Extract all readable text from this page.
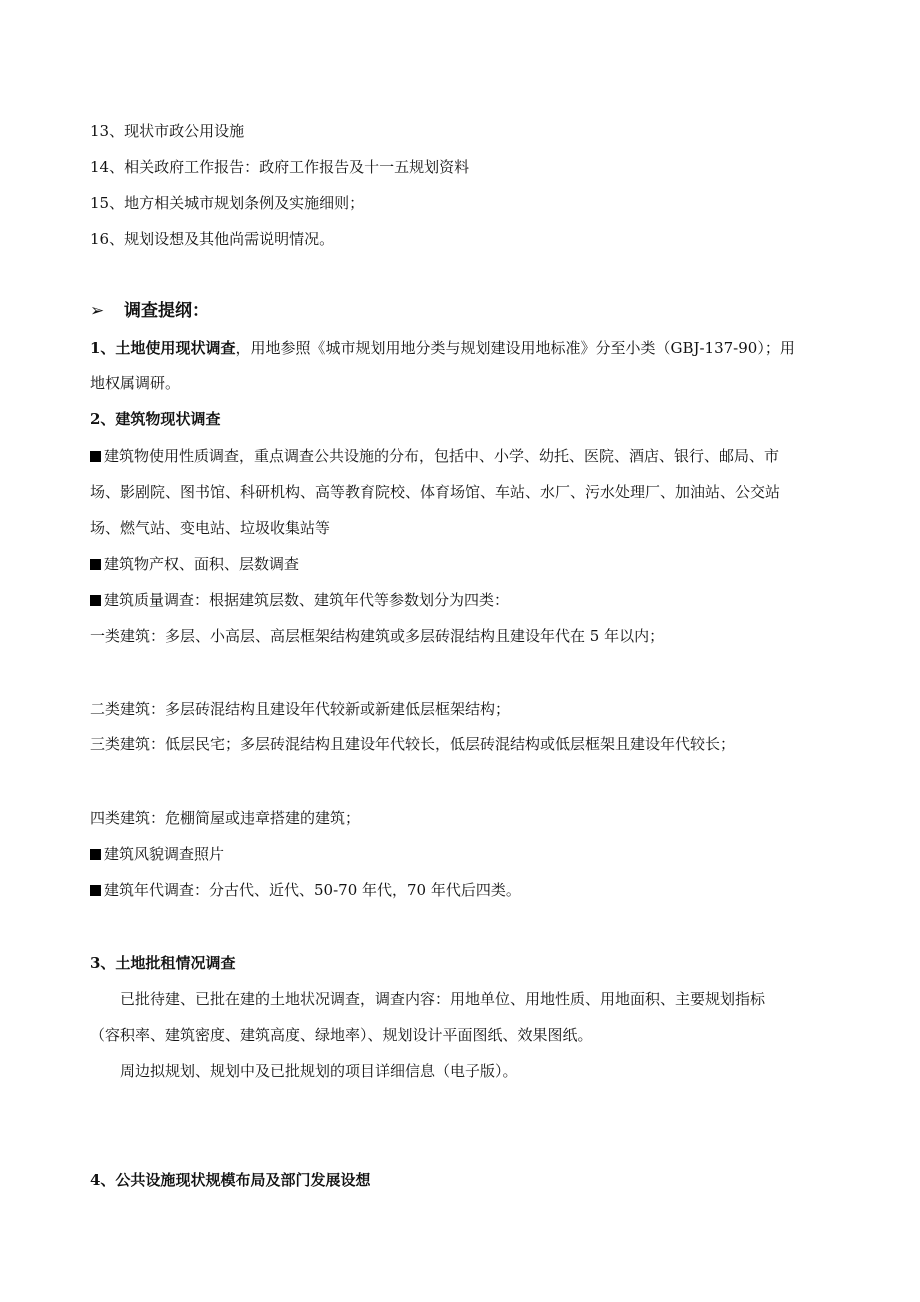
13、现状市政公用设施
14、相关政府工作报告：政府工作报告及十一五规划资料
15、地方相关城市规划条例及实施细则；
16、规划设想及其他尚需说明情况。
➢ 调查提纲：
1、土地使用现状调查，用地参照《城市规划用地分类与规划建设用地标准》分至小类（GBJ-137-90）；用
地权属调研。
2、建筑物现状调查
建筑物使用性质调查，重点调查公共设施的分布，包括中、小学、幼托、医院、酒店、银行、邮局、市
场、影剧院、图书馆、科研机构、高等教育院校、体育场馆、车站、水厂、污水处理厂、加油站、公交站
场、燃气站、变电站、垃圾收集站等
建筑物产权、面积、层数调查
建筑质量调查：根据建筑层数、建筑年代等参数划分为四类：
一类建筑：多层、小高层、高层框架结构建筑或多层砖混结构且建设年代在 5 年以内；
二类建筑：多层砖混结构且建设年代较新或新建低层框架结构；
三类建筑：低层民宅；多层砖混结构且建设年代较长，低层砖混结构或低层框架且建设年代较长；
四类建筑：危棚简屋或违章搭建的建筑；
建筑风貌调查照片
建筑年代调查：分古代、近代、50-70 年代，70 年代后四类。
3、土地批租情况调查
已批待建、已批在建的土地状况调查，调查内容：用地单位、用地性质、用地面积、主要规划指标
（容积率、建筑密度、建筑高度、绿地率）、规划设计平面图纸、效果图纸。
周边拟规划、规划中及已批规划的项目详细信息（电子版）。
4、公共设施现状规模布局及部门发展设想
